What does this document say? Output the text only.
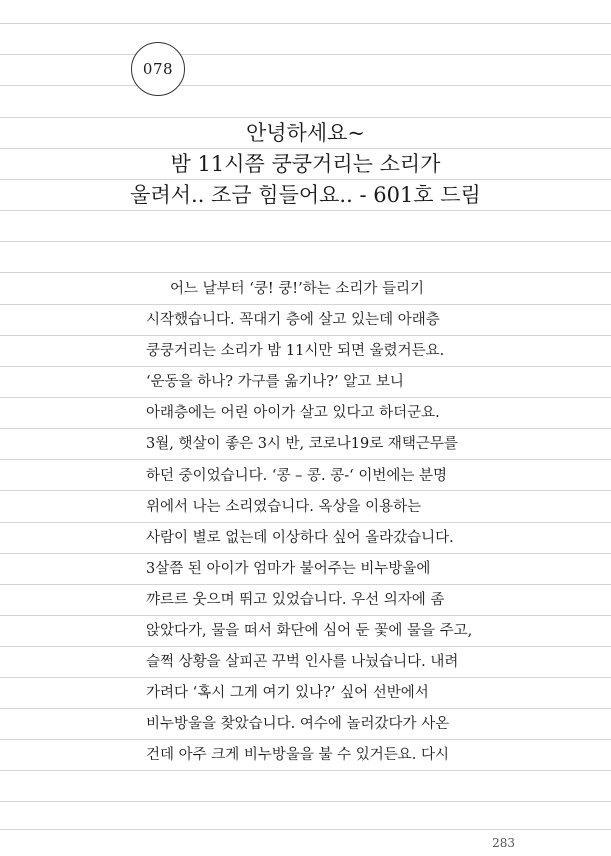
078
안녕하세요~
밤 11시쯤 쿵쿵거리는 소리가
울려서.. 조금 힘들어요.. - 601호 드림
어느 날부터 ‘쿵! 쿵!’하는 소리가 들리기
시작했습니다. 꼭대기 층에 살고 있는데 아래층
쿵쿵거리는 소리가 밤 11시만 되면 울렸거든요.
‘운동을 하나? 가구를 옮기나?’ 알고 보니
아래층에는 어린 아이가 살고 있다고 하더군요.
3월, 햇살이 좋은 3시 반, 코로나19로 재택근무를
하던 중이었습니다. ‘콩 – 콩. 콩-‘ 이번에는 분명
위에서 나는 소리였습니다. 옥상을 이용하는
사람이 별로 없는데 이상하다 싶어 올라갔습니다.
3살쯤 된 아이가 엄마가 불어주는 비누방울에
꺄르르 웃으며 뛰고 있었습니다. 우선 의자에 좀
앉았다가, 물을 떠서 화단에 심어 둔 꽃에 물을 주고,
슬쩍 상황을 살피곤 꾸벅 인사를 나눴습니다. 내려
가려다 ‘혹시 그게 여기 있나?’ 싶어 선반에서
비누방울을 찾았습니다. 여수에 놀러갔다가 사온
건데 아주 크게 비누방울을 불 수 있거든요. 다시
283
